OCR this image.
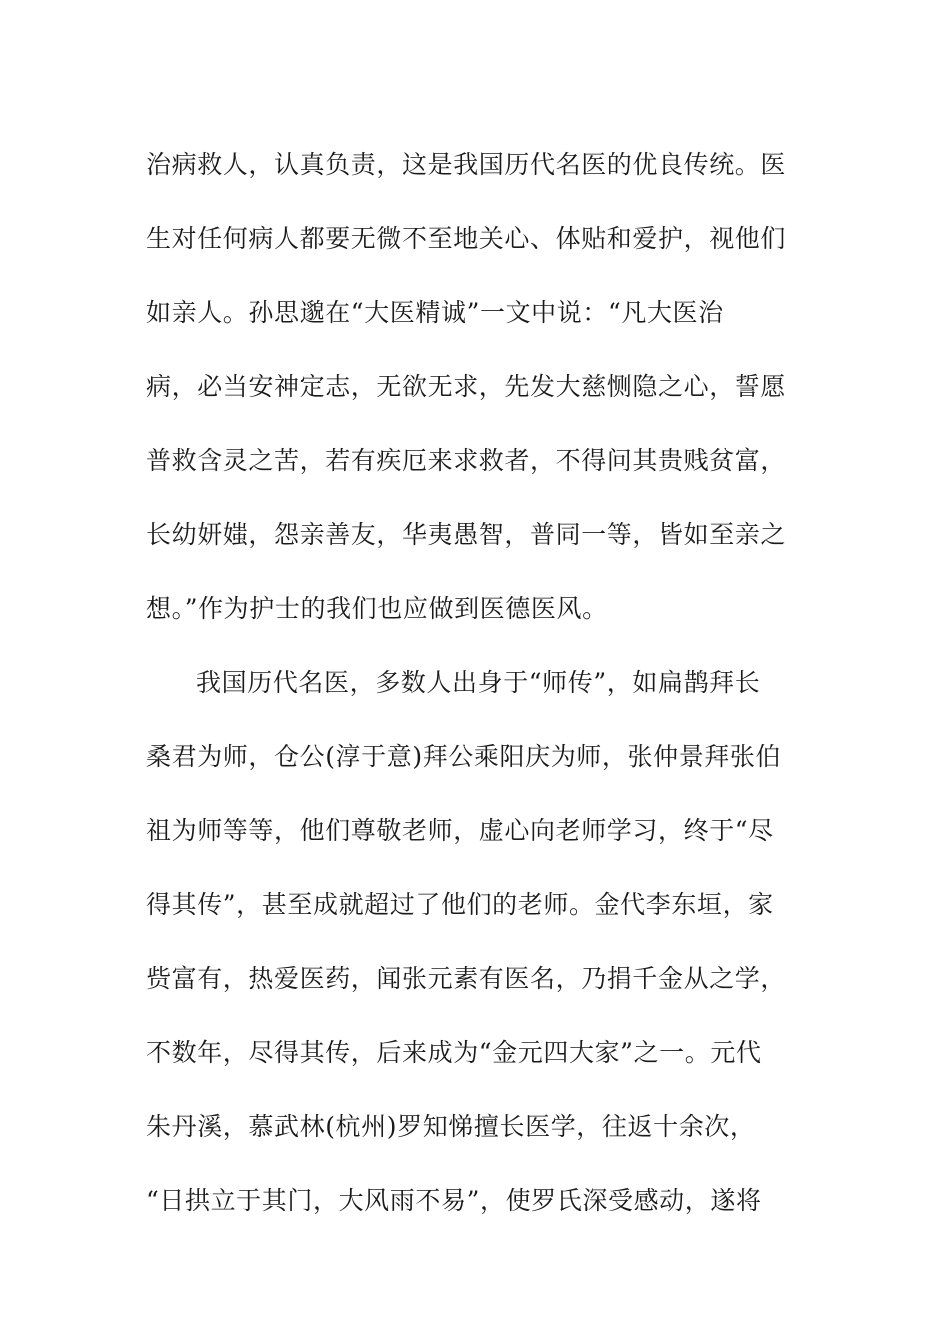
治病救人，认真负责，这是我国历代名医的优良传统。医
生对任何病人都要无微不至地关心、体贴和爱护，视他们
如亲人。孙思邈在“大医精诚”一文中说：“凡大医治
病，必当安神定志，无欲无求，先发大慈恻隐之心，誓愿
普救含灵之苦，若有疾厄来求救者，不得问其贵贱贫富，
长幼妍媸，怨亲善友，华夷愚智，普同一等，皆如至亲之
想。”作为护士的我们也应做到医德医风。
我国历代名医，多数人出身于“师传”，如扁鹊拜长
桑君为师，仓公(淳于意)拜公乘阳庆为师，张仲景拜张伯
祖为师等等，他们尊敬老师，虚心向老师学习，终于“尽
得其传”，甚至成就超过了他们的老师。金代李东垣，家
赀富有，热爱医药，闻张元素有医名，乃捐千金从之学，
不数年，尽得其传，后来成为“金元四大家”之一。元代
朱丹溪，慕武林(杭州)罗知悌擅长医学，往返十余次，
“日拱立于其门，大风雨不易”，使罗氏深受感动，遂将
